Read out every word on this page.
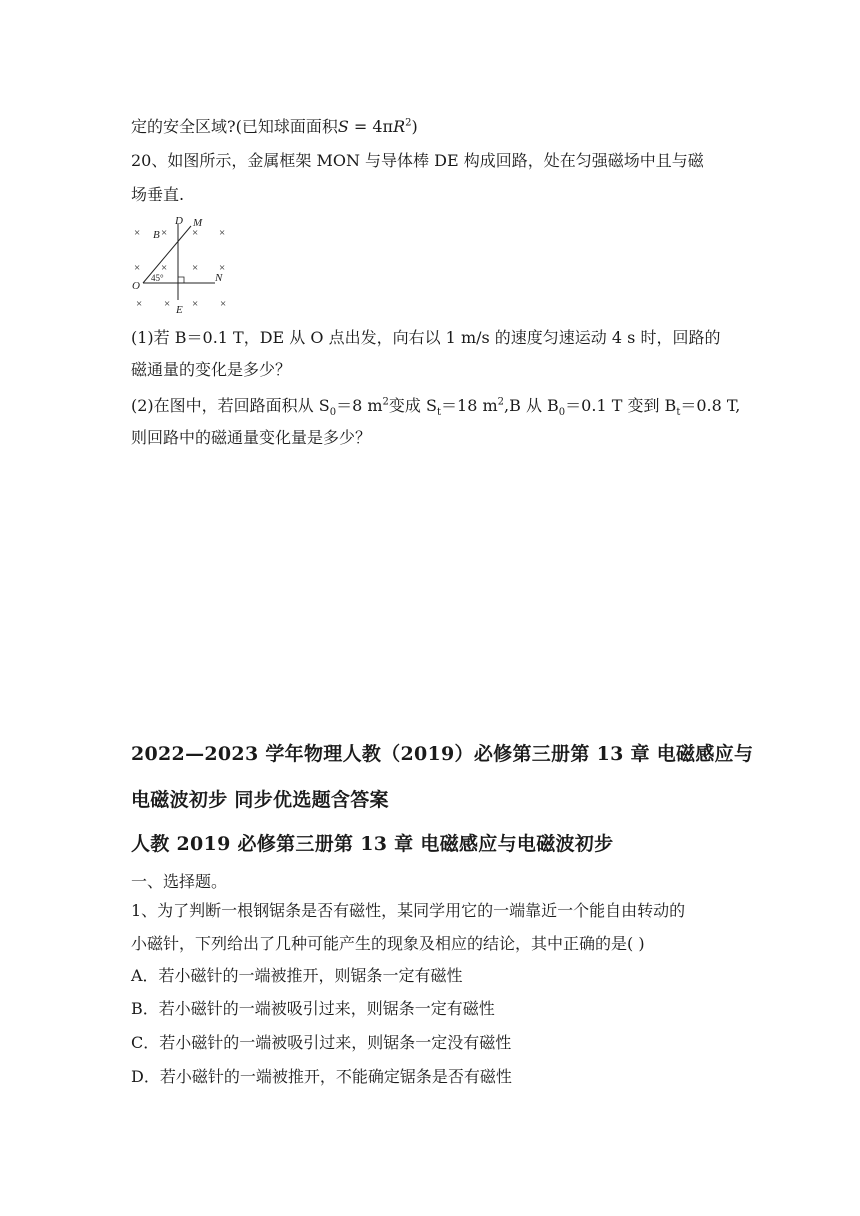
定的安全区域?(已知球面面积$S = 4\pi R^2$)
20、如图所示，金属框架 MON 与导体棒 DE 构成回路，处在匀强磁场中且与磁
场垂直.
× × × ×
× × × ×
× × × ×
D M
B
O
N
E
45°
(1)若 B＝0.1 T，DE 从 O 点出发，向右以 1 m/s 的速度匀速运动 4 s 时，回路的
磁通量的变化是多少？
(2)在图中，若回路面积从 $S_0=8$ $m^2$变成 $S_t=18$ $m^2,B$ 从 $B_0=0.1$ T 变到 $B_t=0.8$ T,
则回路中的磁通量变化量是多少？
2022—2023 学年物理人教（2019）必修第三册第 13 章 电磁感应与
电磁波初步 同步优选题含答案
人教 2019 必修第三册第 13 章 电磁感应与电磁波初步
一、选择题。
1、为了判断一根钢锯条是否有磁性，某同学用它的一端靠近一个能自由转动的
小磁针，下列给出了几种可能产生的现象及相应的结论，其中正确的是( )
A．若小磁针的一端被推开，则锯条一定有磁性
B．若小磁针的一端被吸引过来，则锯条一定有磁性
C．若小磁针的一端被吸引过来，则锯条一定没有磁性
D．若小磁针的一端被推开，不能确定锯条是否有磁性
